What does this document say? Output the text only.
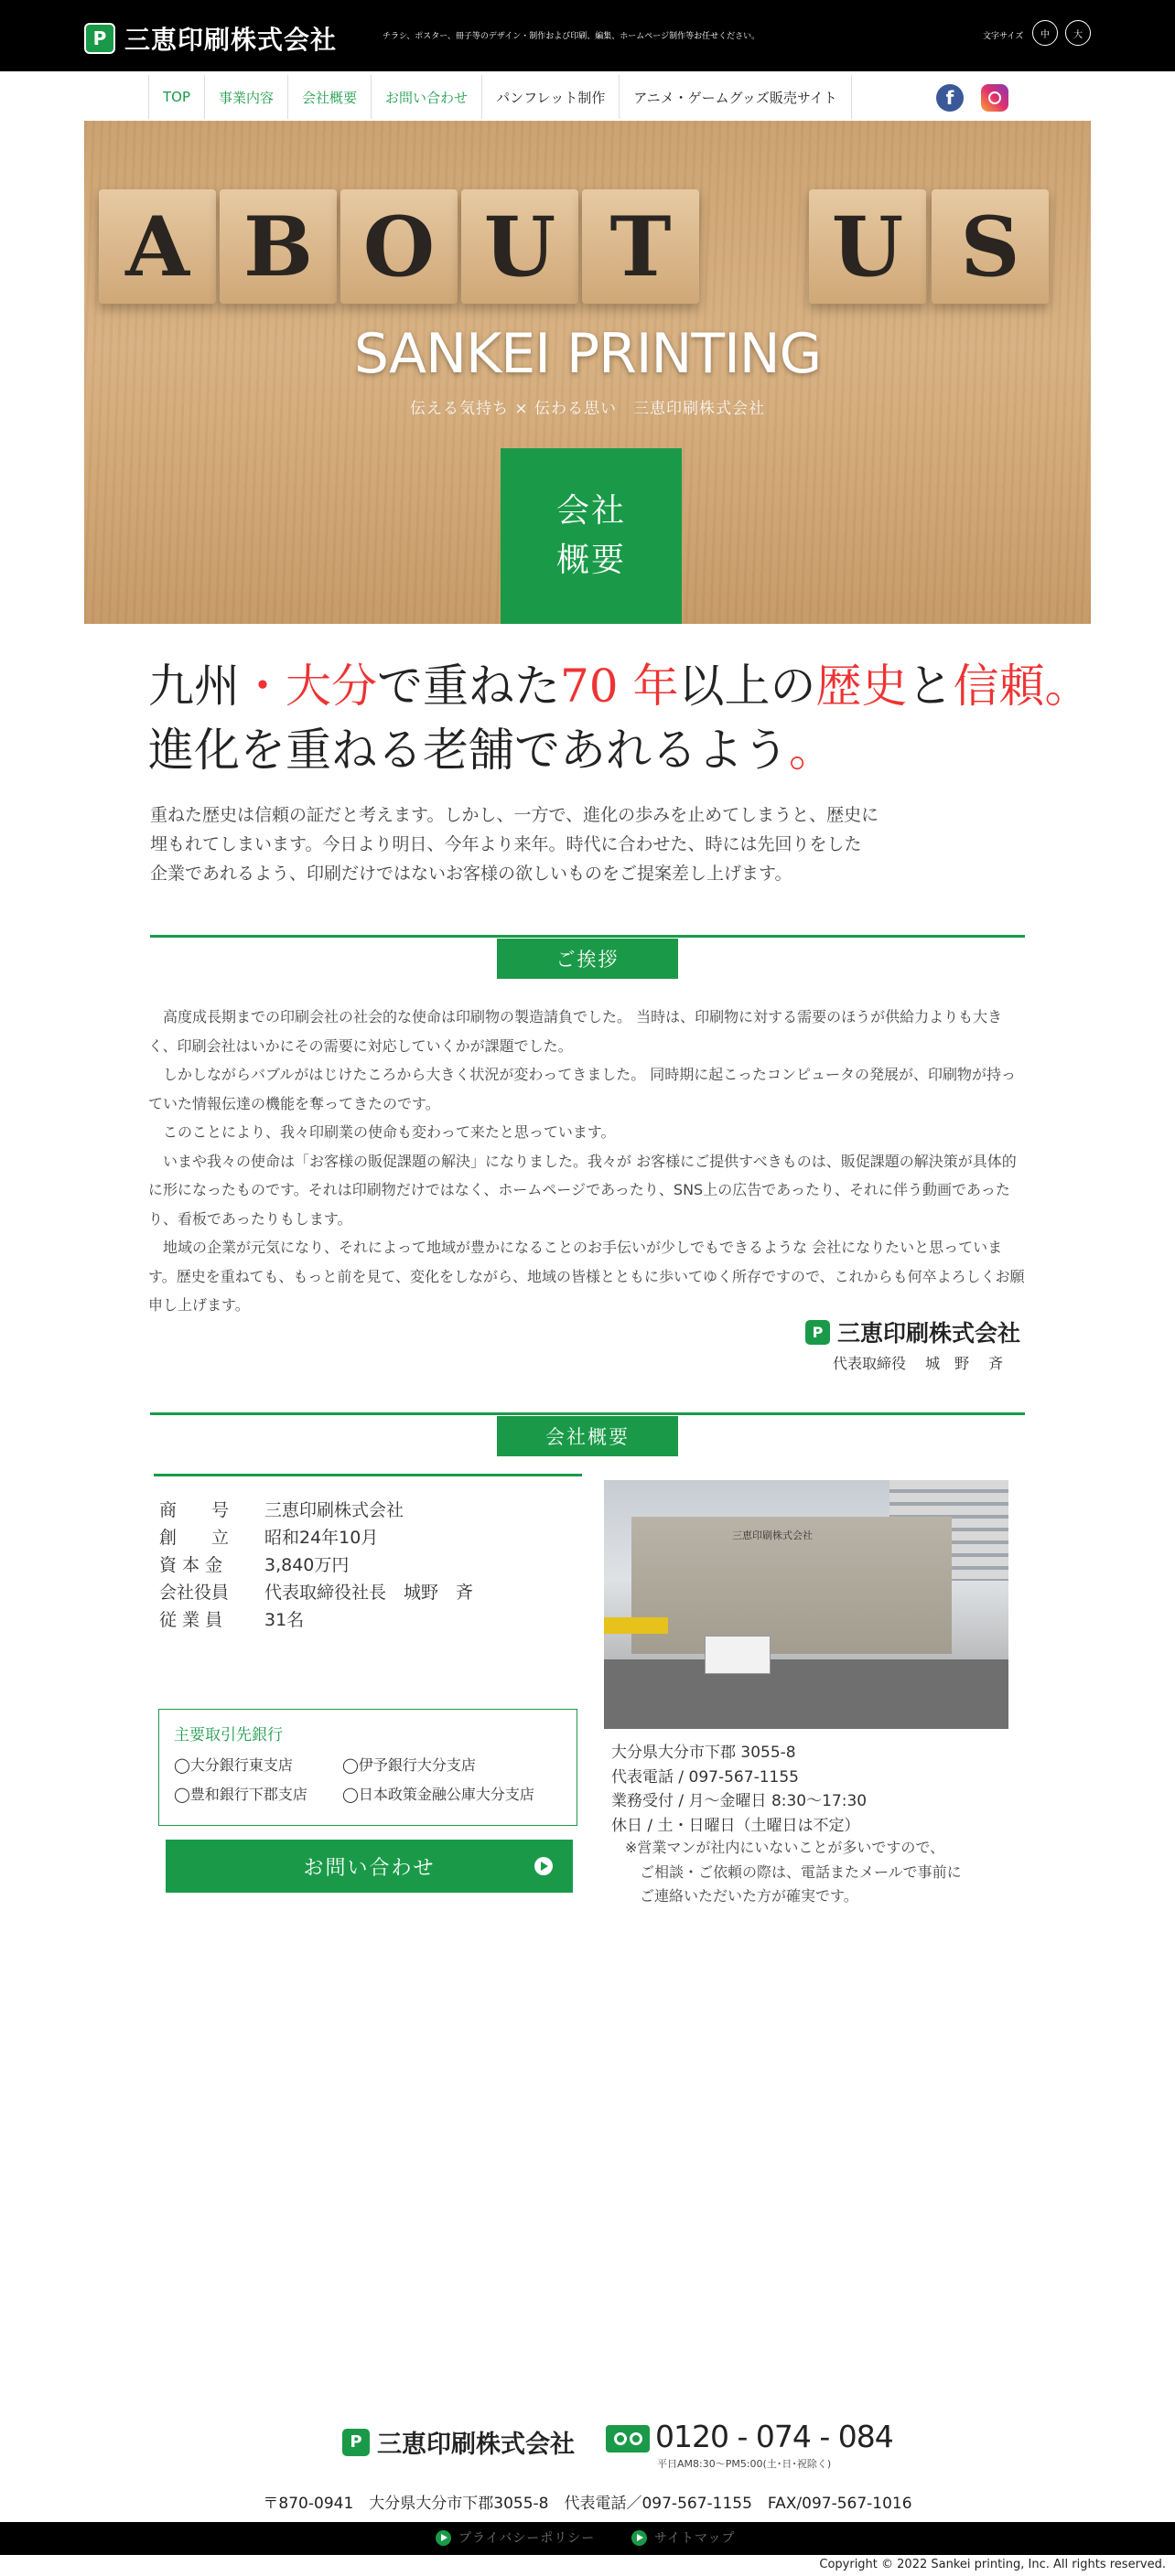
P 三恵印刷株式会社	チラシ、ポスター、冊子等のデザイン・制作および印刷、編集、ホームページ制作等お任せください。	文字サイズ	中	大
TOP	事業内容	会社概要	お問い合わせ	パンフレット制作	アニメ・ゲームグッズ販売サイト	f
A B O U T	U S
SANKEI PRINTING
伝える気持ち × 伝わる思い　三恵印刷株式会社
会社
概要
九州・大分で重ねた70 年以上の歴史と信頼。
進化を重ねる老舗であれるよう。
重ねた歴史は信頼の証だと考えます。しかし、一方で、進化の歩みを止めてしまうと、歴史に
埋もれてしまいます。今日より明日、今年より来年。時代に合わせた、時には先回りをした
企業であれるよう、印刷だけではないお客様の欲しいものをご提案差し上げます。
ご挨拶

高度成長期までの印刷会社の社会的な使命は印刷物の製造請負でした。 当時は、印刷物に対する需要のほうが供給力よりも大きく、印刷会社はいかにその需要に対応していくかが課題でした。

しかしながらバブルがはじけたころから大きく状況が変わってきました。 同時期に起こったコンピュータの発展が、印刷物が持っていた情報伝達の機能を奪ってきたのです。

このことにより、我々印刷業の使命も変わって来たと思っています。

いまや我々の使命は「お客様の販促課題の解決」になりました。我々が お客様にご提供すべきものは、販促課題の解決策が具体的に形になったものです。それは印刷物だけではなく、ホームページであったり、SNS上の広告であったり、それに伴う動画であったり、看板であったりもします。

地域の企業が元気になり、それによって地域が豊かになることのお手伝いが少しでもできるような 会社になりたいと思っています。歴史を重ねても、もっと前を見て、変化をしながら、地域の皆様とともに歩いてゆく所存ですので、これからも何卒よろしくお願申し上げます。

P 三恵印刷株式会社
代表取締役　 城　野　 斉
会社概要
商　　号	三恵印刷株式会社
創　　立	昭和24年10月
資 本 金	3,840万円
会社役員	代表取締役社長　城野　斉
従 業 員	31名
三恵印刷株式会社
主要取引先銀行
◯大分銀行東支店	◯伊予銀行大分支店
◯豊和銀行下郡支店 ◯日本政策金融公庫大分支店
お問い合わせ
大分県大分市下郡 3055-8
代表電話 / 097-567-1155
業務受付 / 月〜金曜日 8:30〜17:30
休日 / 土・日曜日（土曜日は不定）
※営業マンが社内にいないことが多いですので、
　ご相談・ご依頼の際は、電話またメールで事前に
　ご連絡いただいた方が確実です。
P 三恵印刷株式会社	0120 - 074 - 084
平日AM8:30〜PM5:00(土･日･祝除く)
〒870-0941　大分県大分市下郡3055-8　代表電話／097-567-1155　FAX/097-567-1016
プライバシーポリシー	サイトマップ
Copyright © 2022 Sankei printing, Inc. All rights reserved.
